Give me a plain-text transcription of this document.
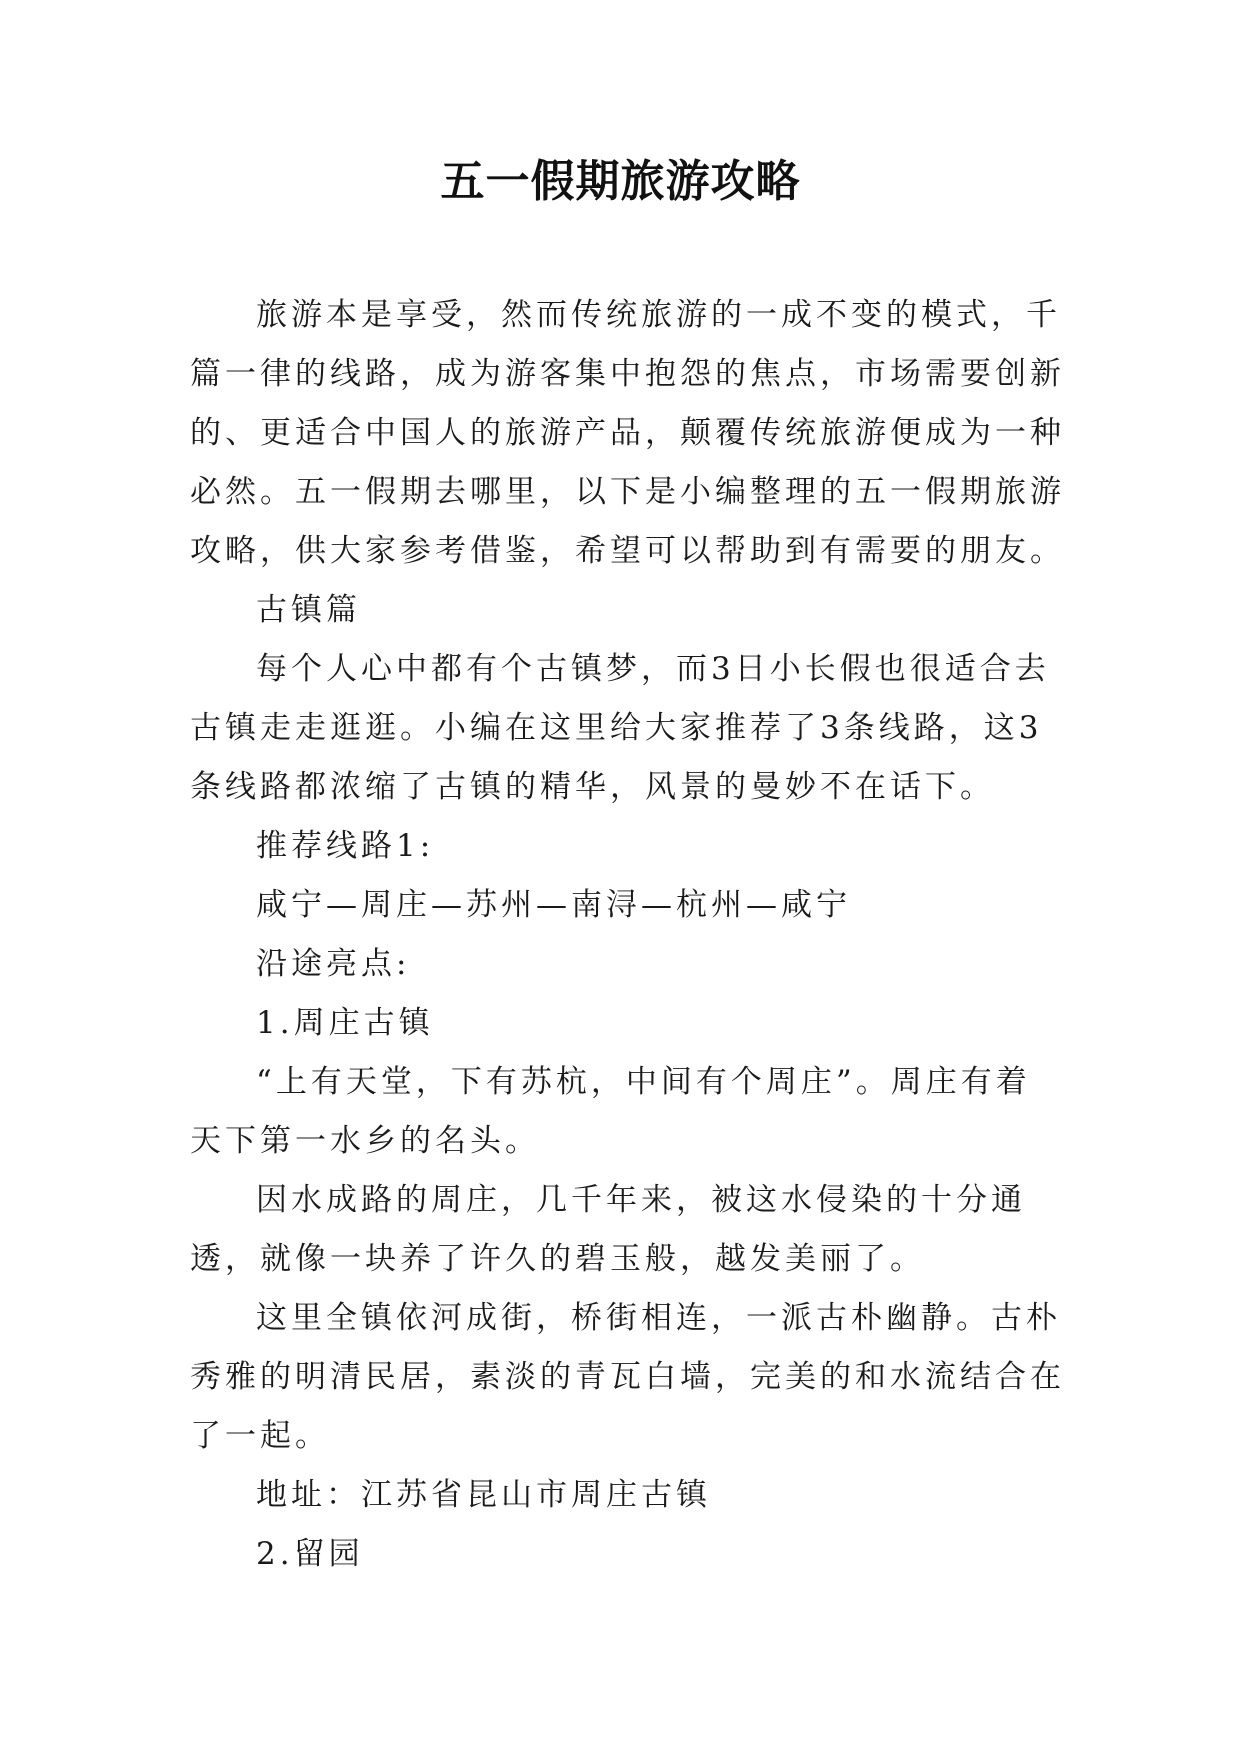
五一假期旅游攻略

旅游本是享受，然而传统旅游的一成不变的模式，千篇一律的线路，成为游客集中抱怨的焦点，市场需要创新的、更适合中国人的旅游产品，颠覆传统旅游便成为一种必然。五一假期去哪里，以下是小编整理的五一假期旅游攻略，供大家参考借鉴，希望可以帮助到有需要的朋友。

古镇篇

每个人心中都有个古镇梦，而3日小长假也很适合去古镇走走逛逛。小编在这里给大家推荐了3条线路，这3条线路都浓缩了古镇的精华，风景的曼妙不在话下。

推荐线路1:

咸宁—周庄—苏州—南浔—杭州—咸宁

沿途亮点:

1.周庄古镇

“上有天堂，下有苏杭，中间有个周庄”。周庄有着天下第一水乡的名头。

因水成路的周庄，几千年来，被这水侵染的十分通透，就像一块养了许久的碧玉般，越发美丽了。

这里全镇依河成街，桥街相连，一派古朴幽静。古朴秀雅的明清民居，素淡的青瓦白墙，完美的和水流结合在了一起。

地址：江苏省昆山市周庄古镇

2.留园
